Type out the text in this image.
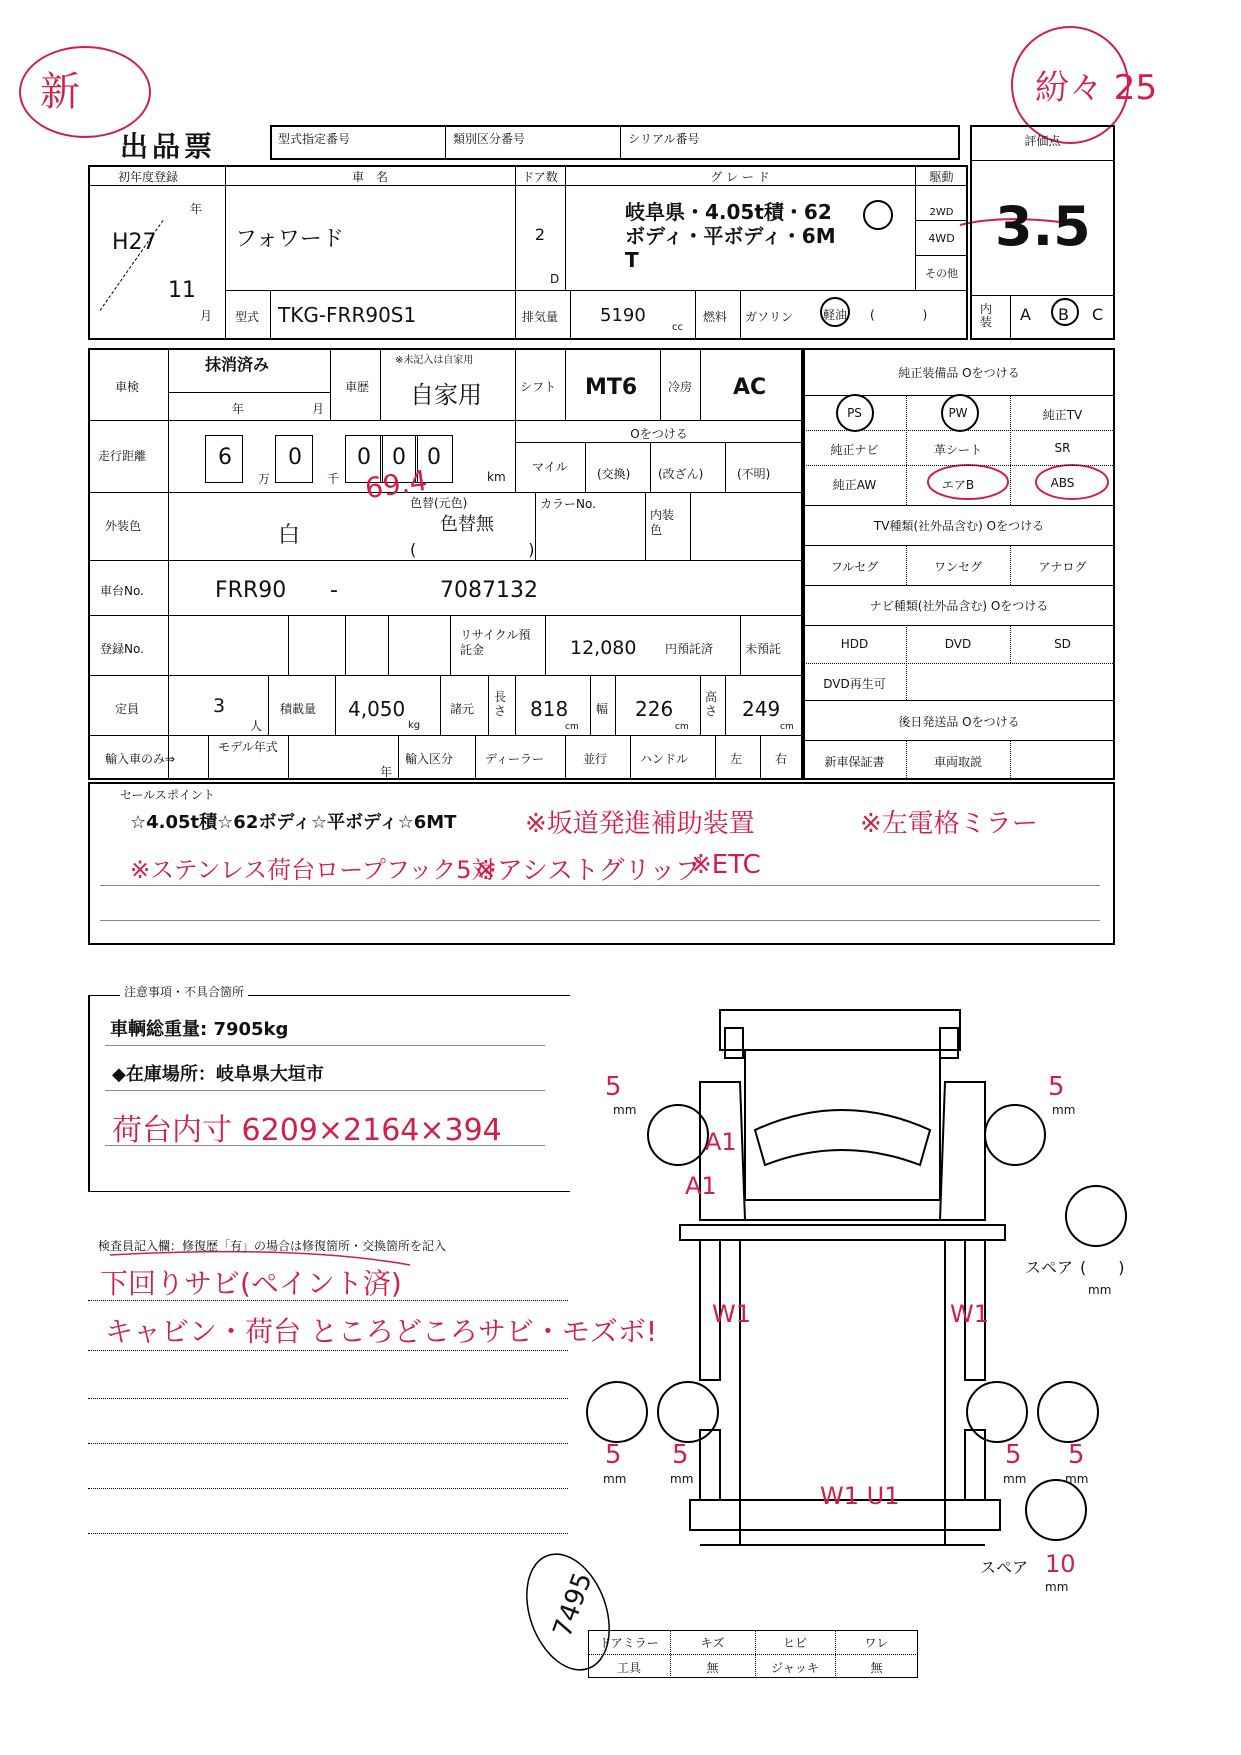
出品票
新	紛々 25
型式指定番号	類別区分番号	シリアル番号	評価点
3.5
内装	A B C
初年度登録
H27
年
11
月
車　名
フォワード
ドア数
2
D
グ レ ー ド
岐阜県・4.05t積・62
ボディ・平ボディ・6M
T
駆動
2WD
4WD
その他
型式 TKG-FRR90S1	排気量 5190
cc
燃料 ガソリン 軽油 (　　　　)
車検
抹消済み
年	月
車歴
※未記入は自家用
自家用	シフト MT6	冷房 AC
走行距離	6	0	0 0 0
万	千	km
69.4
Oをつける
マイル (交換) (改ざん)	(不明)
外装色	白
色替(元色)
色替無
(　　　　　　　)
カラーNo.
内装色
車台No.	FRR90 -	7087132
登録No.
リサイクル預託金	12,080 円預託済	未預託
定員	3
人
積載量 4,050
kg
諸元
長さ 818
cm
幅 226
cm
高さ 249
cm
輸入車のみ⇒
モデル年式
年
輸入区分	ディーラー	並行	ハンドル	左	右
純正装備品 Oをつける
PS	PW	純正TV
純正ナビ	革シート	SR
純正AW	エアB	ABS
TV種類(社外品含む) Oをつける
フルセグ	ワンセグ	アナログ
ナビ種類(社外品含む) Oをつける
HDD	DVD	SD
DVD再生可
後日発送品 Oをつける
新車保証書	車両取説
セールスポイント
☆4.05t積☆62ボディ☆平ボディ☆6MT	※坂道発進補助装置	※左電格ミラー
※ステンレス荷台ロープフック5対
※アシストグリップ
※ETC
注意事項・不具合箇所
車輌総重量: 7905kg
◆在庫場所：岐阜県大垣市
荷台内寸 6209×2164×394
検査員記入欄：修復歴「有」の場合は修復箇所・交換箇所を記入
下回りサビ(ペイント済)
キャビン・荷台 ところどころサビ・モズボ!
7495
5
mm
5
mm
5
mm
5
mm
5
mm
5
mm
スペア (　　)
mm
スペア 10
mm
A1
A1
W1	W1
W1 U1
ドアミラー	キズ	ヒビ	ワレ
工具	無	ジャッキ	無
